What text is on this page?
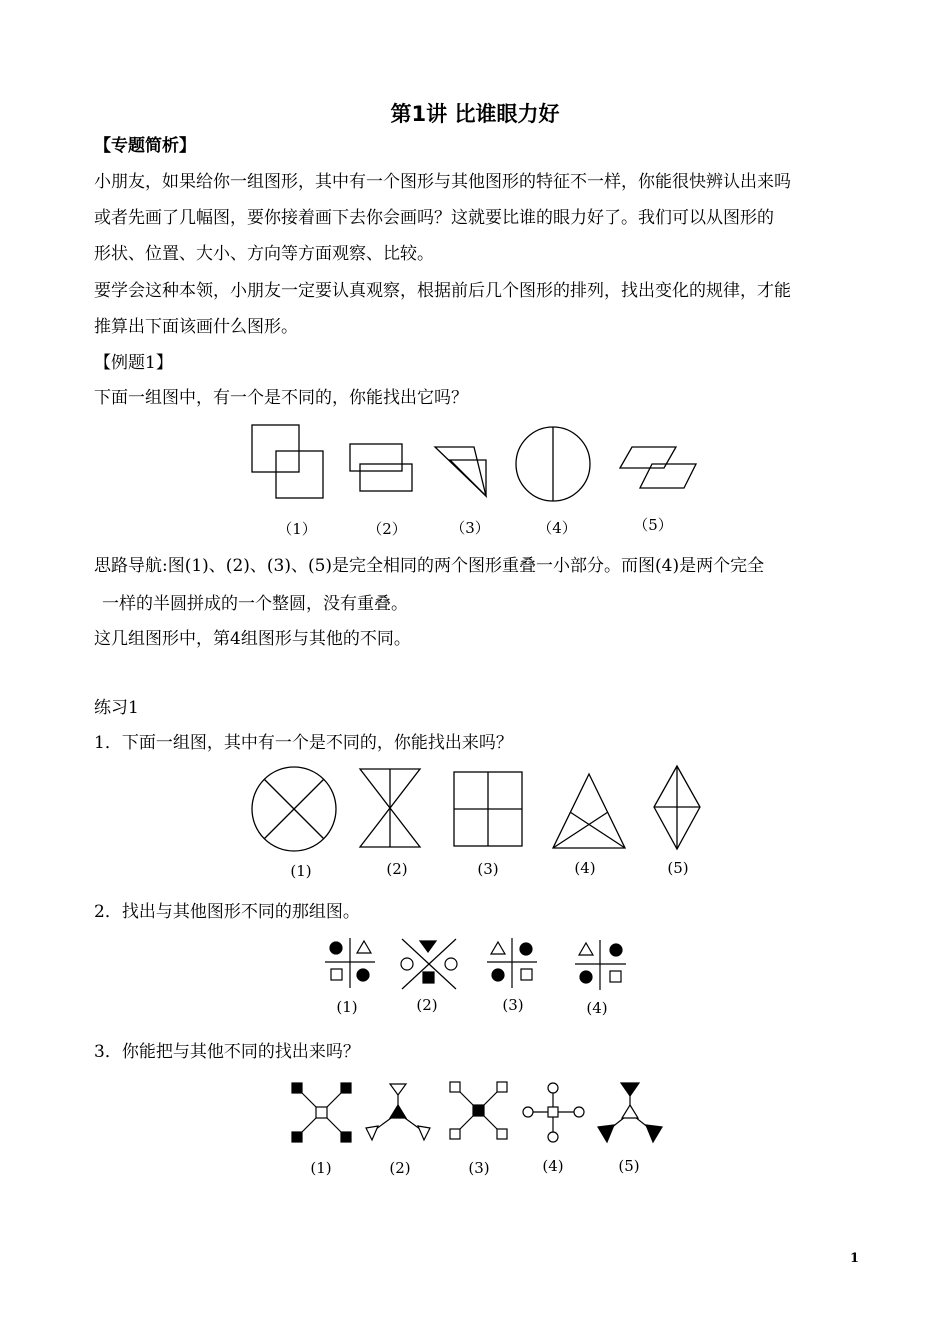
第1讲 比谁眼力好
【专题简析】
小朋友，如果给你一组图形，其中有一个图形与其他图形的特征不一样，你能很快辨认出来吗
或者先画了几幅图，要你接着画下去你会画吗？这就要比谁的眼力好了。我们可以从图形的
形状、位置、大小、方向等方面观察、比较。
要学会这种本领，小朋友一定要认真观察，根据前后几个图形的排列，找出变化的规律，才能
推算出下面该画什么图形。
【例题1】
下面一组图中，有一个是不同的，你能找出它吗？
（1）	（2）	（3）	（4）	（5）
思路导航:图(1)、(2)、(3)、(5)是完全相同的两个图形重叠一小部分。而图(4)是两个完全
一样的半圆拼成的一个整圆，没有重叠。
这几组图形中，第4组图形与其他的不同。
练习1
1．下面一组图，其中有一个是不同的，你能找出来吗？
(1)	(2)	(3)	(4)	(5)
2．找出与其他图形不同的那组图。
(1)	(2)	(3)	(4)
3．你能把与其他不同的找出来吗？
(1)	(2)	(3)	(4)	(5)
1
